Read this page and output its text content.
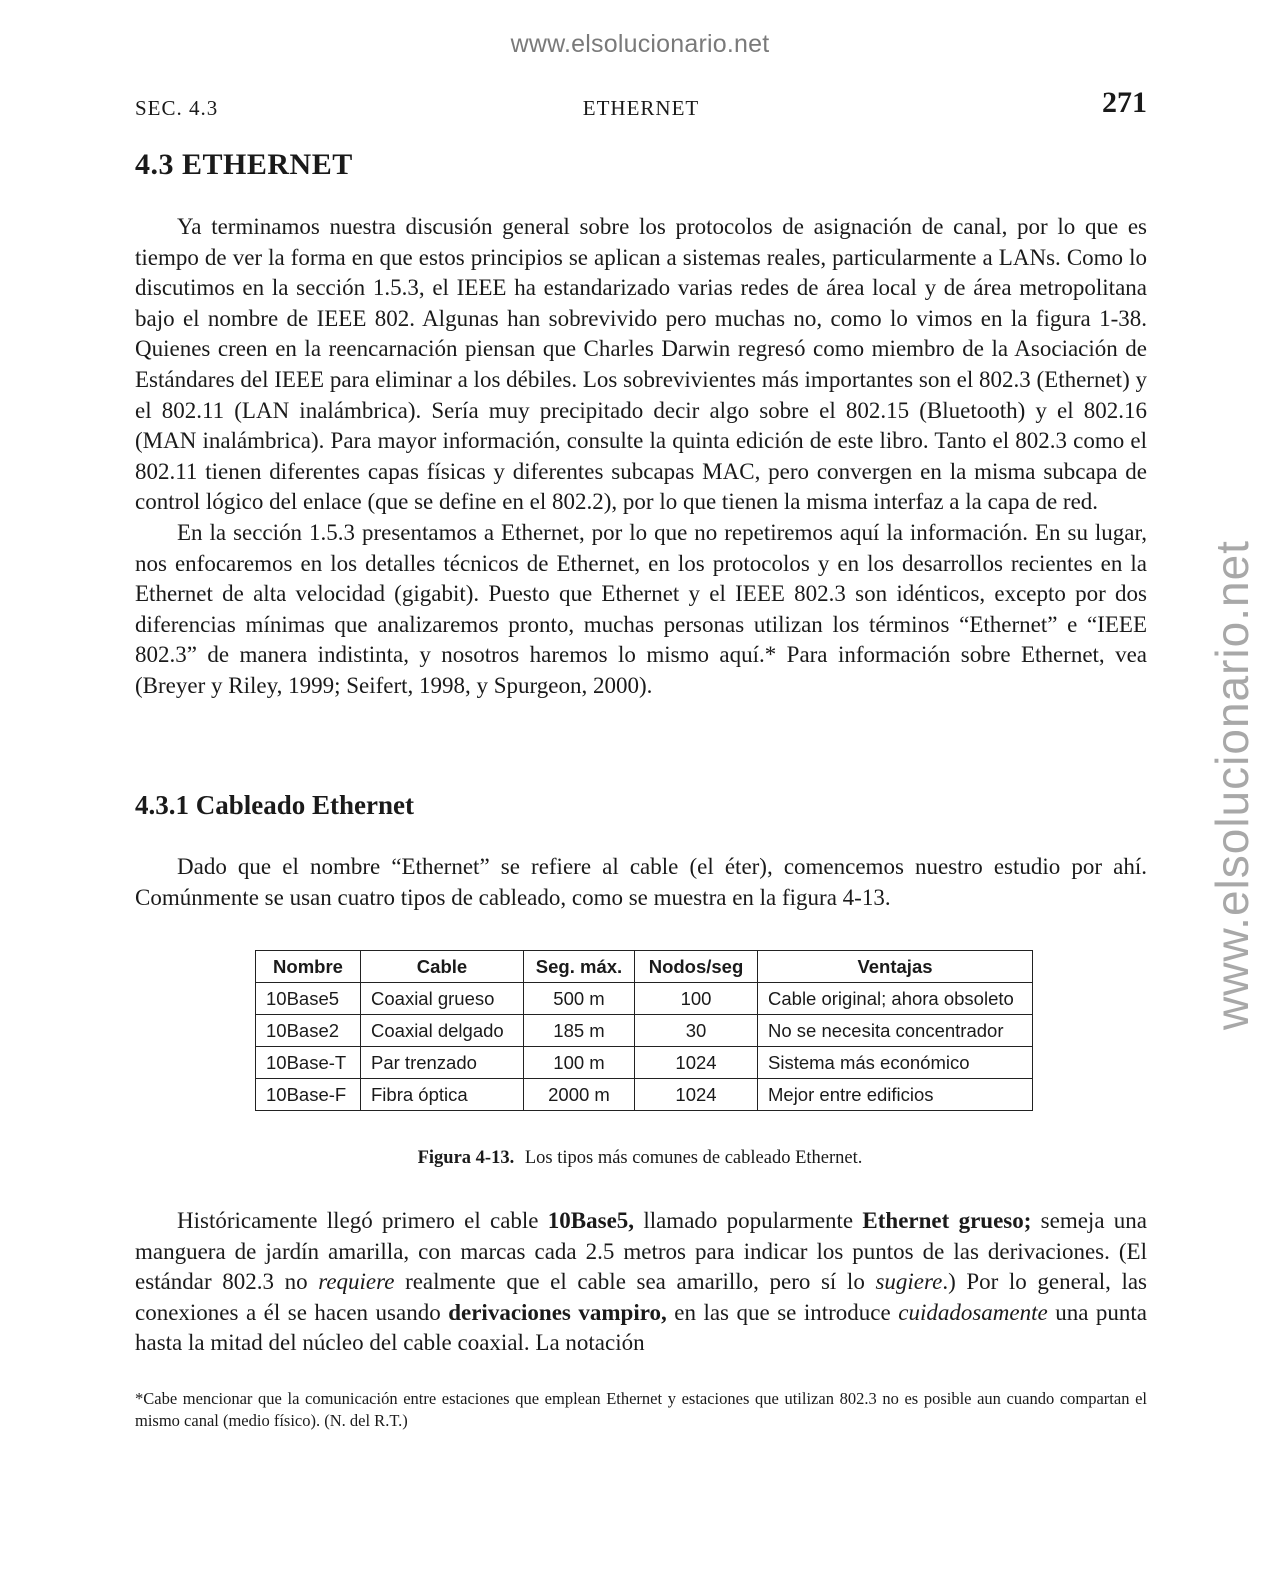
www.elsolucionario.net
www.elsolucionario.net
SEC. 4.3	ETHERNET	271
4.3 ETHERNET

Ya terminamos nuestra discusión general sobre los protocolos de asignación de canal, por lo que es tiempo de ver la forma en que estos principios se aplican a sistemas reales, particularmente a LANs. Como lo discutimos en la sección 1.5.3, el IEEE ha estandarizado varias redes de área local y de área metropolitana bajo el nombre de IEEE 802. Algunas han sobrevivido pero muchas no, como lo vimos en la figura 1-38. Quienes creen en la reencarnación piensan que Charles Darwin regresó como miembro de la Asociación de Estándares del IEEE para eliminar a los débiles. Los sobrevivientes más importantes son el 802.3 (Ethernet) y el 802.11 (LAN inalámbrica). Sería muy precipitado decir algo sobre el 802.15 (Bluetooth) y el 802.16 (MAN inalámbrica). Para mayor información, consulte la quinta edición de este libro. Tanto el 802.3 como el 802.11 tienen diferentes capas físicas y diferentes subcapas MAC, pero convergen en la misma subcapa de control lógico del enlace (que se define en el 802.2), por lo que tienen la misma interfaz a la capa de red.

En la sección 1.5.3 presentamos a Ethernet, por lo que no repetiremos aquí la información. En su lugar, nos enfocaremos en los detalles técnicos de Ethernet, en los protocolos y en los desarrollos recientes en la Ethernet de alta velocidad (gigabit). Puesto que Ethernet y el IEEE 802.3 son idénticos, excepto por dos diferencias mínimas que analizaremos pronto, muchas personas utilizan los términos “Ethernet” e “IEEE 802.3” de manera indistinta, y nosotros haremos lo mismo aquí.* Para información sobre Ethernet, vea (Breyer y Riley, 1999; Seifert, 1998, y Spurgeon, 2000).

4.3.1 Cableado Ethernet

Dado que el nombre “Ethernet” se refiere al cable (el éter), comencemos nuestro estudio por ahí. Comúnmente se usan cuatro tipos de cableado, como se muestra en la figura 4-13.

Nombre	Cable	Seg. máx.	Nodos/seg	Ventajas
10Base5	Coaxial grueso	500 m	100	Cable original; ahora obsoleto
10Base2	Coaxial delgado	185 m	30	No se necesita concentrador
10Base-T	Par trenzado	100 m	1024	Sistema más económico
10Base-F	Fibra óptica	2000 m	1024	Mejor entre edificios
Figura 4-13. Los tipos más comunes de cableado Ethernet.

Históricamente llegó primero el cable 10Base5, llamado popularmente Ethernet grueso; semeja una manguera de jardín amarilla, con marcas cada 2.5 metros para indicar los puntos de las derivaciones. (El estándar 802.3 no requiere realmente que el cable sea amarillo, pero sí lo sugiere.) Por lo general, las conexiones a él se hacen usando derivaciones vampiro, en las que se introduce cuidadosamente una punta hasta la mitad del núcleo del cable coaxial. La notación

*Cabe mencionar que la comunicación entre estaciones que emplean Ethernet y estaciones que utilizan 802.3 no es posible aun cuando compartan el mismo canal (medio físico). (N. del R.T.)
